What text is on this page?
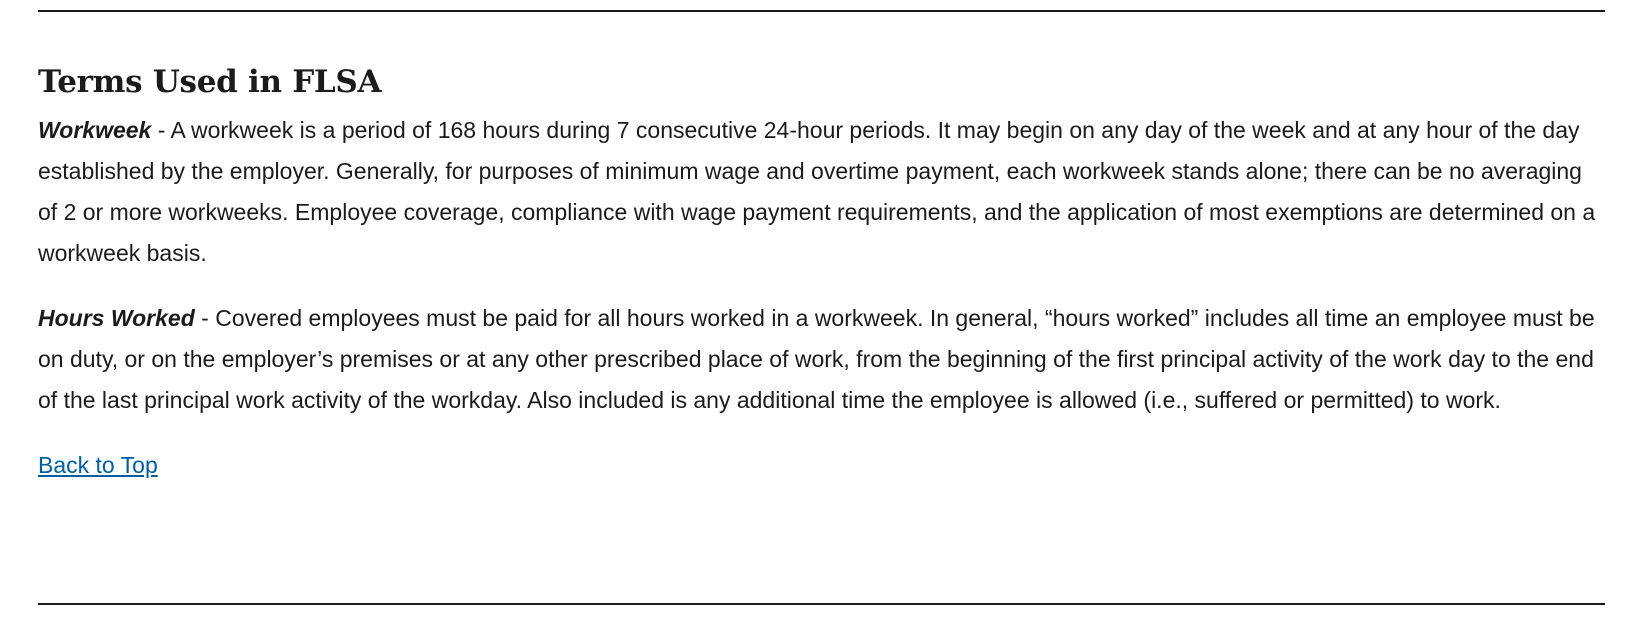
Terms Used in FLSA

Workweek - A workweek is a period of 168 hours during 7 consecutive 24-hour periods. It may begin on any day of the week and at any hour of the day established by the employer. Generally, for purposes of minimum wage and overtime payment, each workweek stands alone; there can be no averaging of 2 or more workweeks. Employee coverage, compliance with wage payment requirements, and the application of most exemptions are determined on a workweek basis.

Hours Worked - Covered employees must be paid for all hours worked in a workweek. In general, “hours worked” includes all time an employee must be on duty, or on the employer’s premises or at any other prescribed place of work, from the beginning of the first principal activity of the work day to the end of the last principal work activity of the workday. Also included is any additional time the employee is allowed (i.e., suffered or permitted) to work.

Back to Top
